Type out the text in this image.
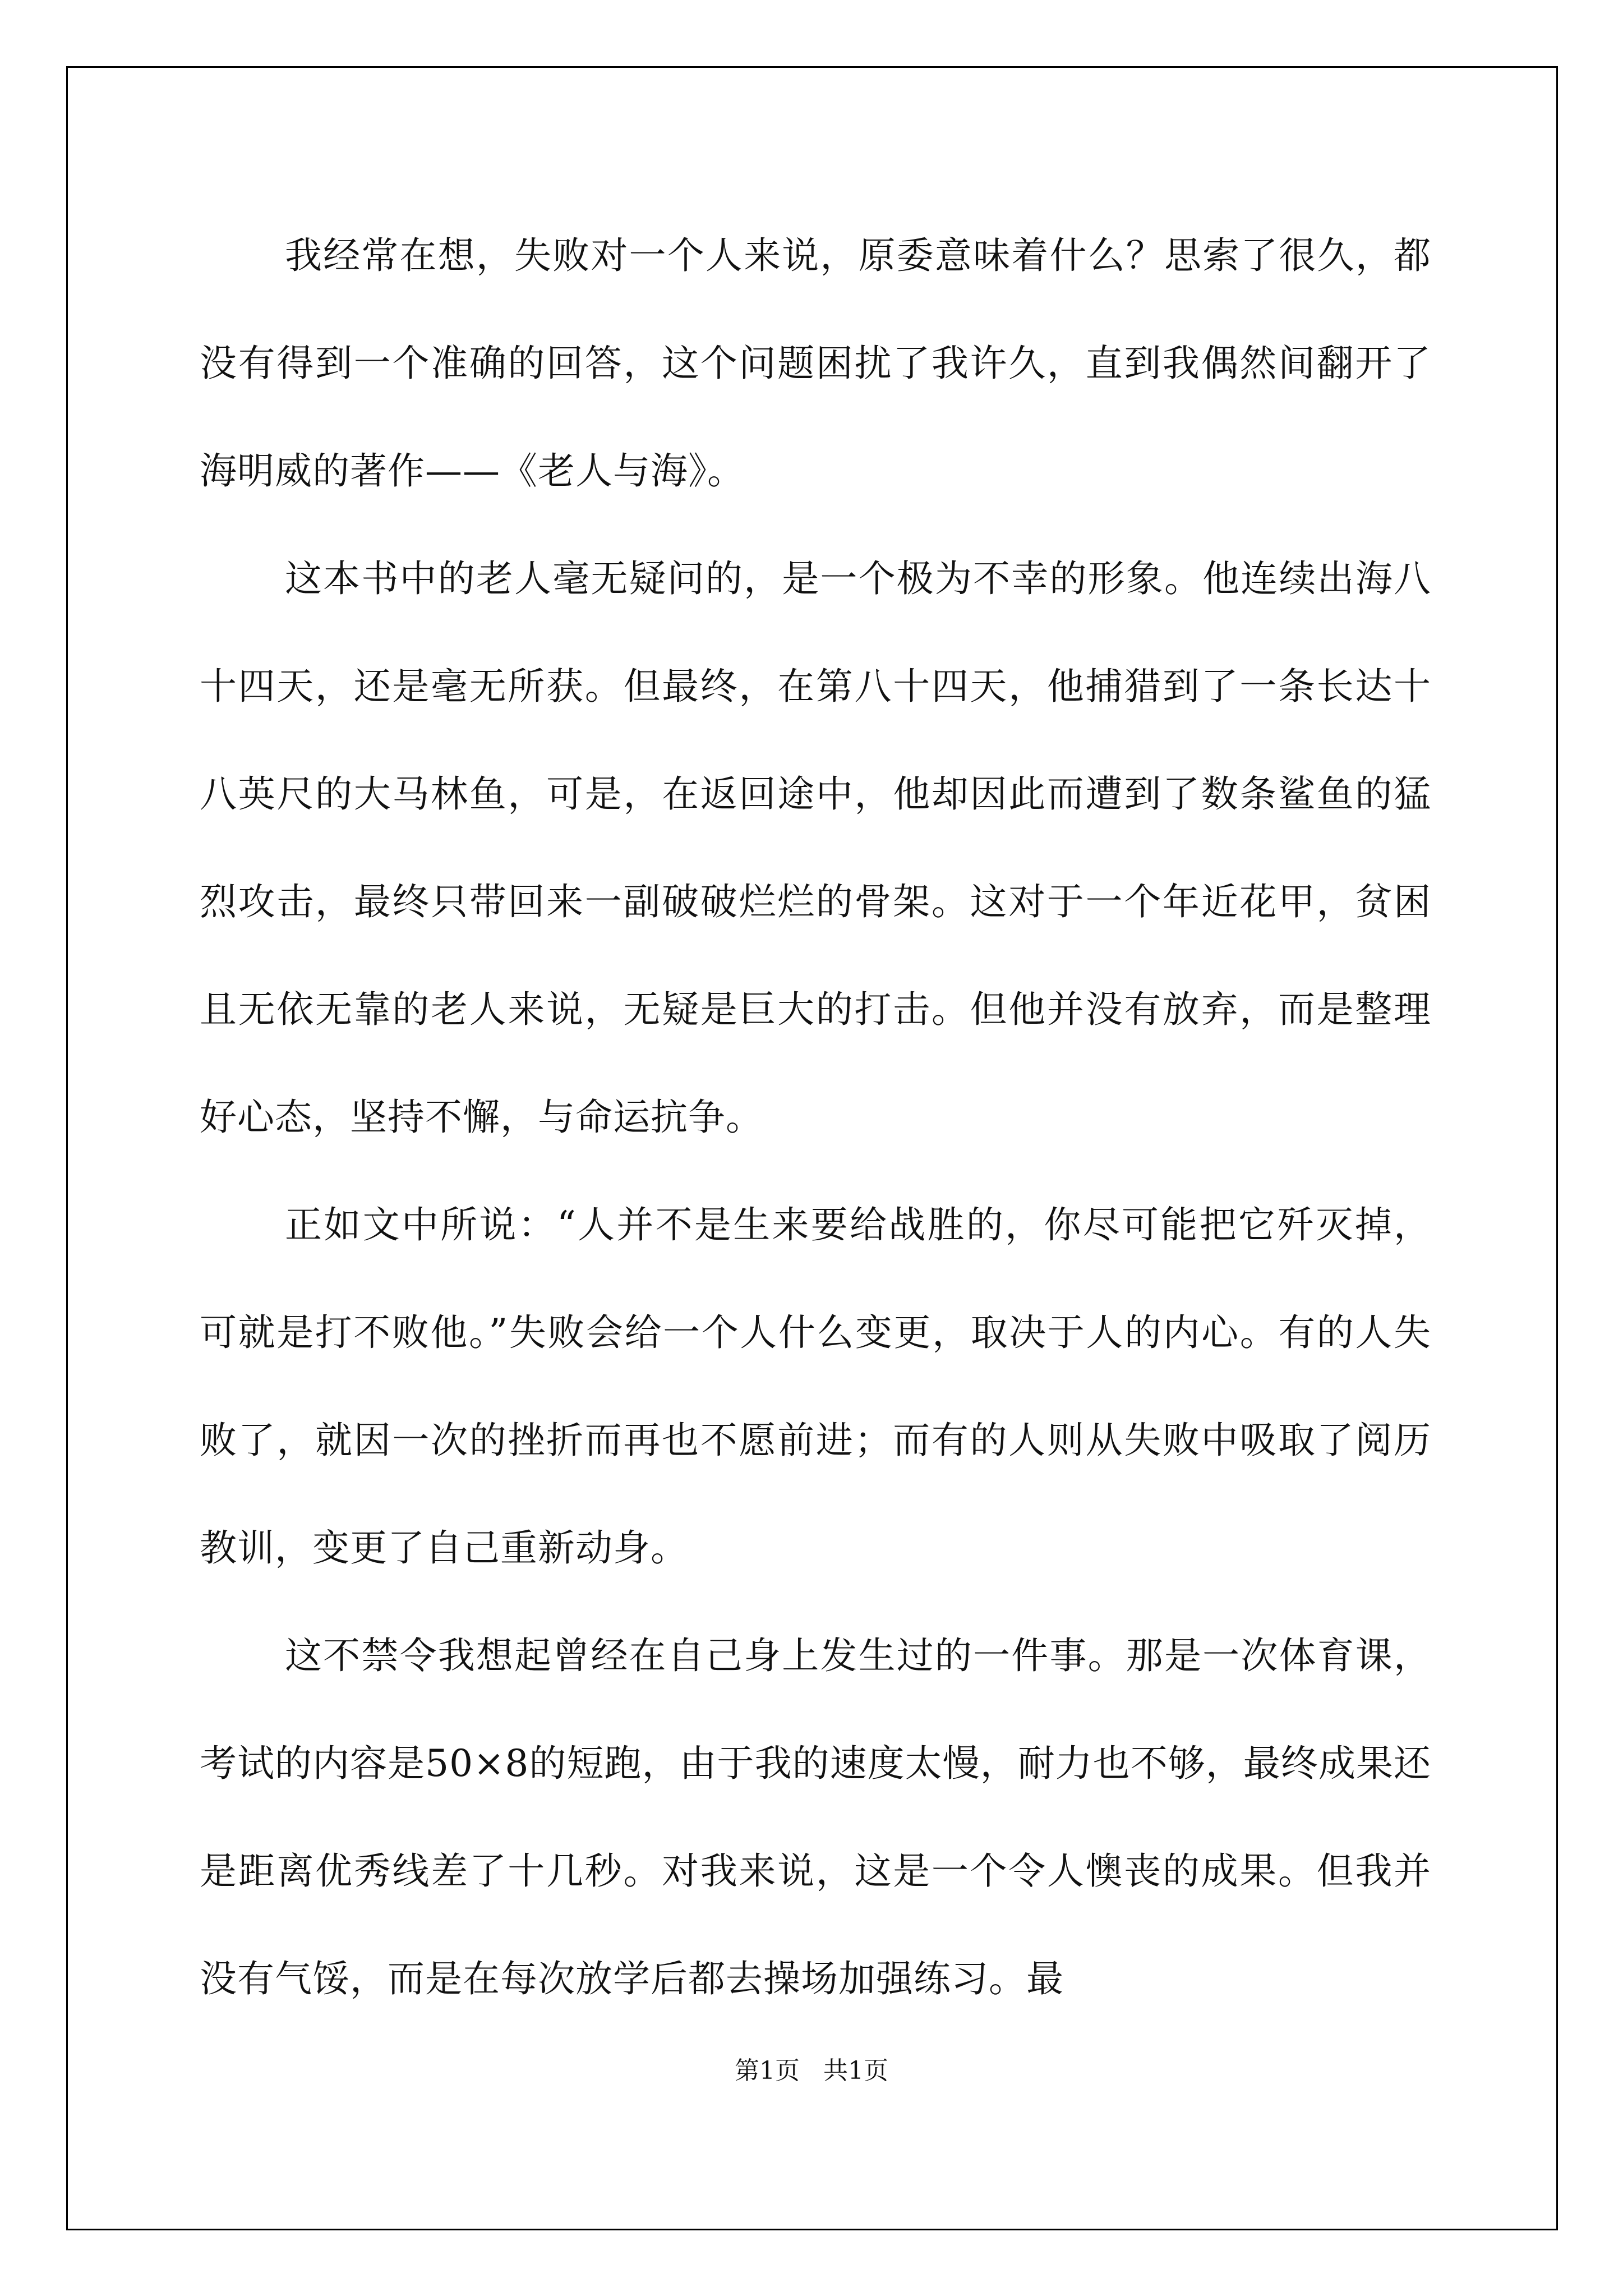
我经常在想，失败对一个人来说，原委意味着什么？思索了很久，都没有得到一个准确的回答，这个问题困扰了我许久，直到我偶然间翻开了海明威的著作——《老人与海》。

这本书中的老人毫无疑问的，是一个极为不幸的形象。他连续出海八十四天，还是毫无所获。但最终，在第八十四天，他捕猎到了一条长达十八英尺的大马林鱼，可是，在返回途中，他却因此而遭到了数条鲨鱼的猛烈攻击，最终只带回来一副破破烂烂的骨架。这对于一个年近花甲，贫困且无依无靠的老人来说，无疑是巨大的打击。但他并没有放弃，而是整理好心态，坚持不懈，与命运抗争。

正如文中所说：“人并不是生来要给战胜的，你尽可能把它歼灭掉，可就是打不败他。”失败会给一个人什么变更，取决于人的内心。有的人失败了，就因一次的挫折而再也不愿前进；而有的人则从失败中吸取了阅历教训，变更了自己重新动身。

这不禁令我想起曾经在自己身上发生过的一件事。那是一次体育课，考试的内容是50×8的短跑，由于我的速度太慢，耐力也不够，最终成果还是距离优秀线差了十几秒。对我来说，这是一个令人懊丧的成果。但我并没有气馁，而是在每次放学后都去操场加强练习。最

第1页   共1页
